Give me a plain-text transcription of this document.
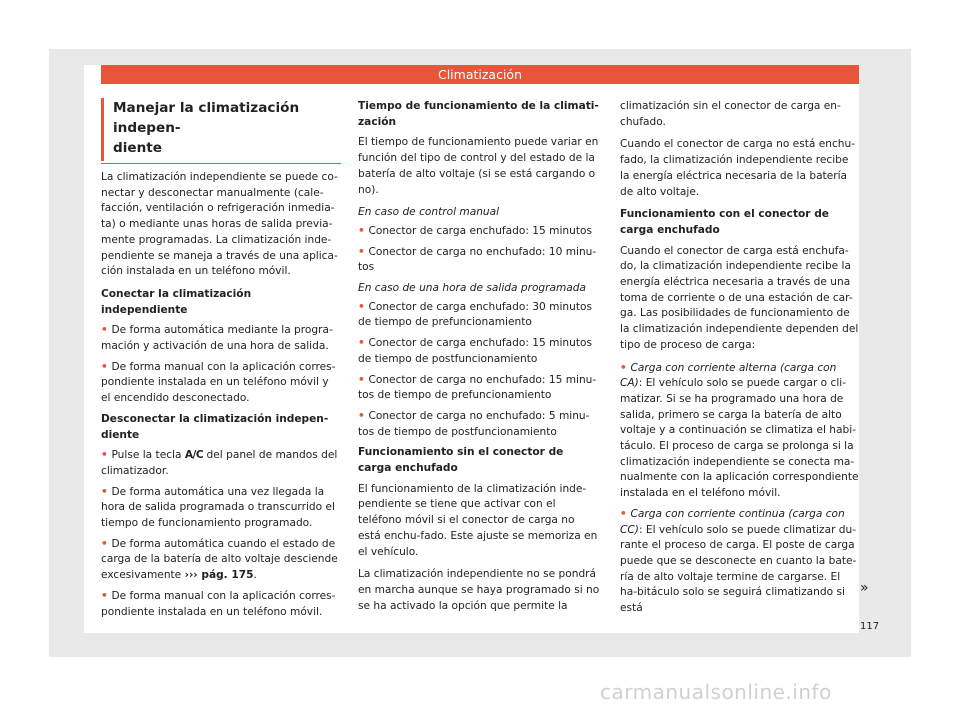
Climatización
Manejar la climatización indepen-
diente

La climatización independiente se puede co-nectar y desconectar manualmente (cale-facción, ventilación o refrigeración inmedia-ta) o mediante unas horas de salida previa-mente programadas. La climatización inde-pendiente se maneja a través de una aplica-ción instalada en un teléfono móvil.

Conectar la climatización independiente

• De forma automática mediante la progra-mación y activación de una hora de salida.

• De forma manual con la aplicación corres-pondiente instalada en un teléfono móvil y el encendido desconectado.

Desconectar la climatización indepen-diente

• Pulse la tecla A/C del panel de mandos del climatizador.

• De forma automática una vez llegada la hora de salida programada o transcurrido el tiempo de funcionamiento programado.

• De forma automática cuando el estado de carga de la batería de alto voltaje desciende excesivamente ››› pág. 175.

• De forma manual con la aplicación corres-pondiente instalada en un teléfono móvil.

Tiempo de funcionamiento de la climati-zación

El tiempo de funcionamiento puede variar en función del tipo de control y del estado de la batería de alto voltaje (si se está cargando o no).

En caso de control manual

• Conector de carga enchufado: 15 minutos

• Conector de carga no enchufado: 10 minu-tos

En caso de una hora de salida programada

• Conector de carga enchufado: 30 minutos de tiempo de prefuncionamiento

• Conector de carga enchufado: 15 minutos de tiempo de postfuncionamiento

• Conector de carga no enchufado: 15 minu-tos de tiempo de prefuncionamiento

• Conector de carga no enchufado: 5 minu-tos de tiempo de postfuncionamiento

Funcionamiento sin el conector de carga enchufado

El funcionamiento de la climatización inde-pendiente se tiene que activar con el teléfono móvil si el conector de carga no está enchu-fado. Este ajuste se memoriza en el vehículo.

La climatización independiente no se pondrá en marcha aunque se haya programado si no se ha activado la opción que permite la

climatización sin el conector de carga en-chufado.

Cuando el conector de carga no está enchu-fado, la climatización independiente recibe la energía eléctrica necesaria de la batería de alto voltaje.

Funcionamiento con el conector de carga enchufado

Cuando el conector de carga está enchufa-do, la climatización independiente recibe la energía eléctrica necesaria a través de una toma de corriente o de una estación de car-ga. Las posibilidades de funcionamiento de la climatización independiente dependen del tipo de proceso de carga:

• Carga con corriente alterna (carga con CA): El vehículo solo se puede cargar o cli-matizar. Si se ha programado una hora de salida, primero se carga la batería de alto voltaje y a continuación se climatiza el habi-táculo. El proceso de carga se prolonga si la climatización independiente se conecta ma-nualmente con la aplicación correspondiente instalada en el teléfono móvil.

• Carga con corriente continua (carga con CC): El vehículo solo se puede climatizar du-rante el proceso de carga. El poste de carga puede que se desconecte en cuanto la bate-ría de alto voltaje termine de cargarse. El ha-bitáculo solo se seguirá climatizando si está

»
117
carmanualsonline.info
